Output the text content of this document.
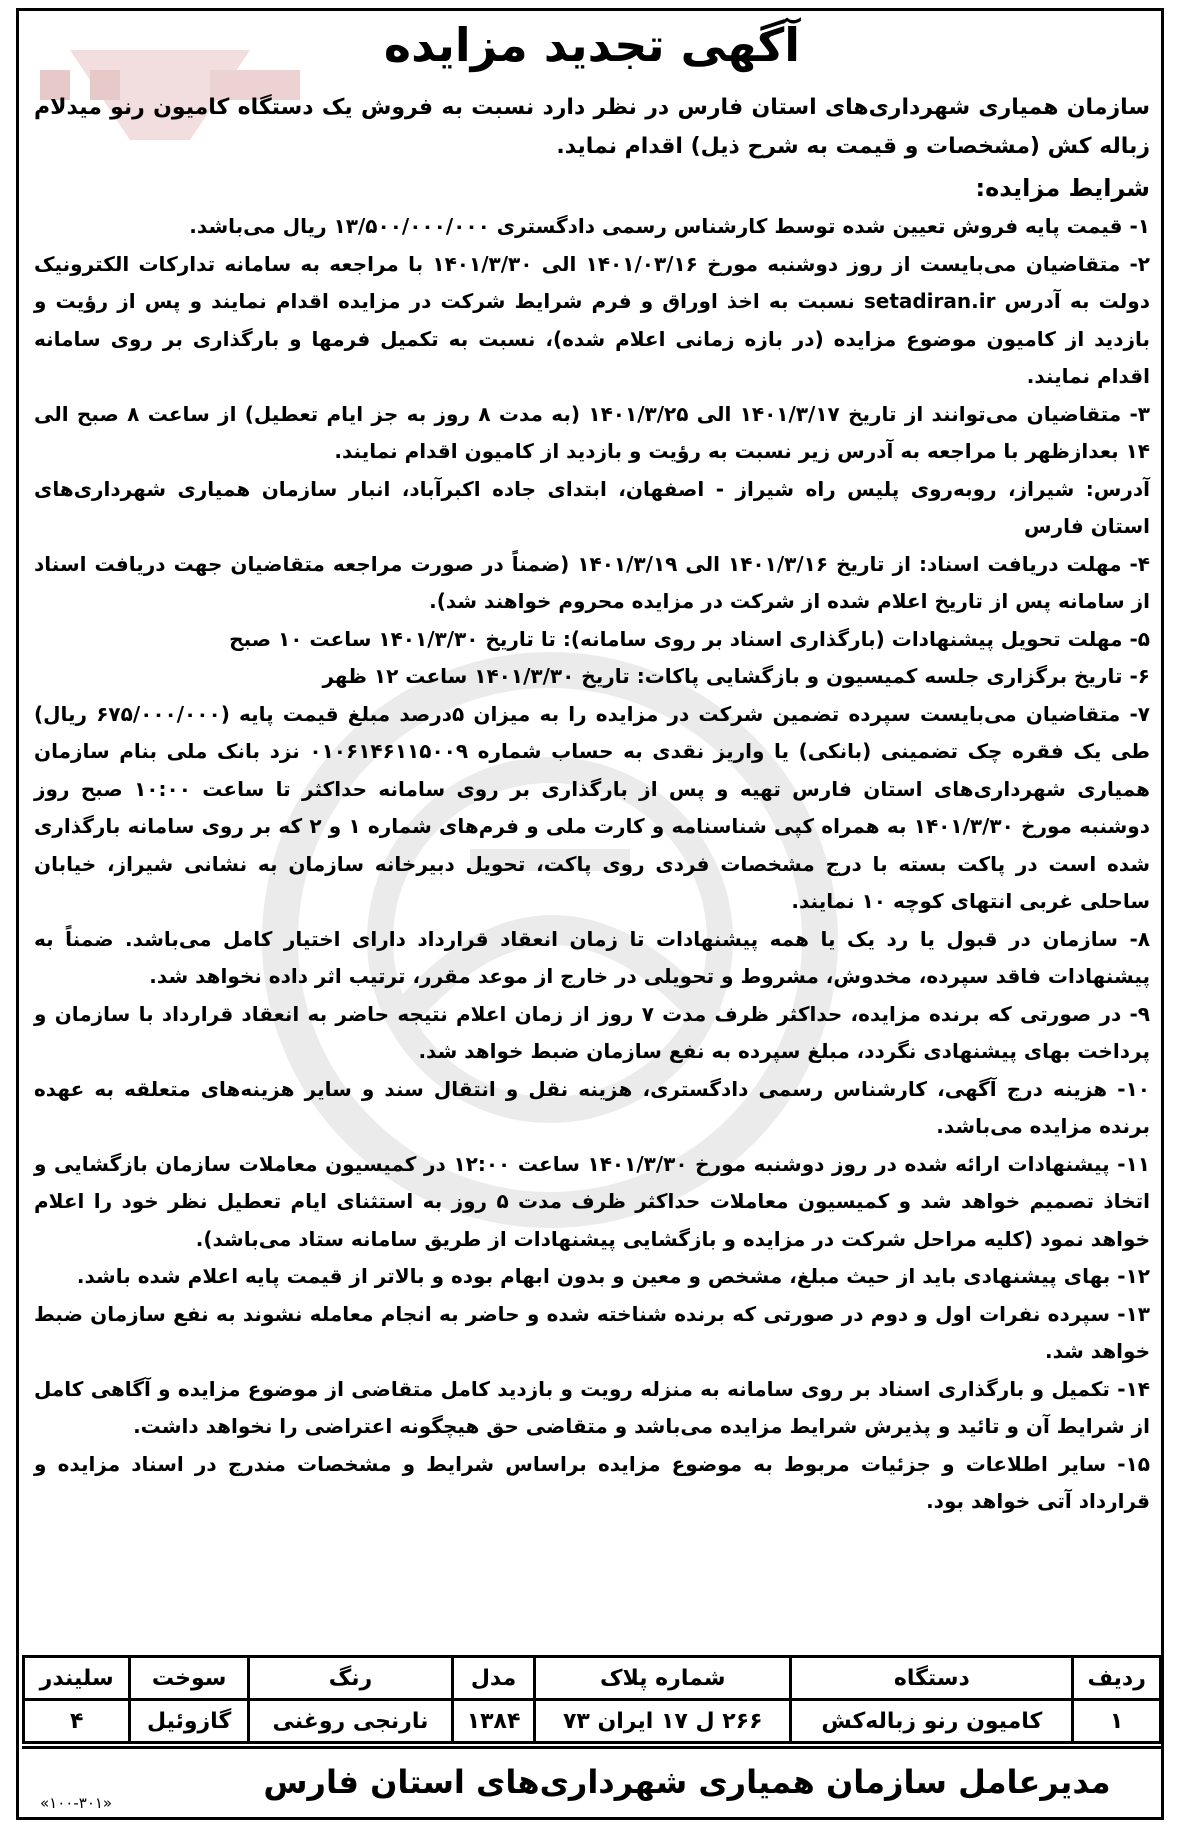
آگهی تجدید مزایده
سازمان همیاری شهرداری‌های استان فارس در نظر دارد نسبت به فروش یک دستگاه کامیون رنو میدلام زباله کش (مشخصات و قیمت به شرح ذیل) اقدام نماید.
شرایط مزایده:
۱- قیمت پایه فروش تعیین شده توسط کارشناس رسمی دادگستری ۱۳/۵۰۰/۰۰۰/۰۰۰ ریال می‌باشد.
۲- متقاضیان می‌بایست از روز دوشنبه مورخ ۱۴۰۱/۰۳/۱۶ الی ۱۴۰۱/۳/۳۰ با مراجعه به سامانه تدارکات الکترونیک دولت به آدرس setadiran.ir نسبت به اخذ اوراق و فرم شرایط شرکت در مزایده اقدام نمایند و پس از رؤیت و بازدید از کامیون موضوع مزایده (در بازه زمانی اعلام شده)، نسبت به تکمیل فرمها و بارگذاری بر روی سامانه اقدام نمایند.
۳- متقاضیان می‌توانند از تاریخ ۱۴۰۱/۳/۱۷ الی ۱۴۰۱/۳/۲۵ (به مدت ۸ روز به جز ایام تعطیل) از ساعت ۸ صبح الی ۱۴ بعدازظهر با مراجعه به آدرس زیر نسبت به رؤیت و بازدید از کامیون اقدام نمایند.
آدرس: شیراز، روبه‌روی پلیس راه شیراز - اصفهان، ابتدای جاده اکبرآباد، انبار سازمان همیاری شهرداری‌های استان فارس
۴- مهلت دریافت اسناد: از تاریخ ۱۴۰۱/۳/۱۶ الی ۱۴۰۱/۳/۱۹ (ضمناً در صورت مراجعه متقاضیان جهت دریافت اسناد از سامانه پس از تاریخ اعلام شده از شرکت در مزایده محروم خواهند شد).
۵- مهلت تحویل پیشنهادات (بارگذاری اسناد بر روی سامانه): تا تاریخ ۱۴۰۱/۳/۳۰ ساعت ۱۰ صبح
۶- تاریخ برگزاری جلسه کمیسیون و بازگشایی پاکات: تاریخ ۱۴۰۱/۳/۳۰ ساعت ۱۲ ظهر
۷- متقاضیان می‌بایست سپرده تضمین شرکت در مزایده را به میزان ۵درصد مبلغ قیمت پایه (۶۷۵/۰۰۰/۰۰۰ ریال) طی یک فقره چک تضمینی (بانکی) یا واریز نقدی به حساب شماره ۰۱۰۶۱۴۶۱۱۵۰۰۹ نزد بانک ملی بنام سازمان همیاری شهرداری‌های استان فارس تهیه و پس از بارگذاری بر روی سامانه حداکثر تا ساعت ۱۰:۰۰ صبح روز دوشنبه مورخ ۱۴۰۱/۳/۳۰ به همراه کپی شناسنامه و کارت ملی و فرم‌های شماره ۱ و ۲ که بر روی سامانه بارگذاری شده است در پاکت بسته با درج مشخصات فردی روی پاکت، تحویل دبیرخانه سازمان به نشانی شیراز، خیابان ساحلی غربی انتهای کوچه ۱۰ نمایند.
۸- سازمان در قبول یا رد یک یا همه پیشنهادات تا زمان انعقاد قرارداد دارای اختیار کامل می‌باشد. ضمناً به پیشنهادات فاقد سپرده، مخدوش، مشروط و تحویلی در خارج از موعد مقرر، ترتیب اثر داده نخواهد شد.
۹- در صورتی که برنده مزایده، حداکثر ظرف مدت ۷ روز از زمان اعلام نتیجه حاضر به انعقاد قرارداد با سازمان و پرداخت بهای پیشنهادی نگردد، مبلغ سپرده به نفع سازمان ضبط خواهد شد.
۱۰- هزینه درج آگهی، کارشناس رسمی دادگستری، هزینه نقل و انتقال سند و سایر هزینه‌های متعلقه به عهده برنده مزایده می‌باشد.
۱۱- پیشنهادات ارائه شده در روز دوشنبه مورخ ۱۴۰۱/۳/۳۰ ساعت ۱۲:۰۰ در کمیسیون معاملات سازمان بازگشایی و اتخاذ تصمیم خواهد شد و کمیسیون معاملات حداکثر ظرف مدت ۵ روز به استثنای ایام تعطیل نظر خود را اعلام خواهد نمود (کلیه مراحل شرکت در مزایده و بازگشایی پیشنهادات از طریق سامانه ستاد می‌باشد).
۱۲- بهای پیشنهادی باید از حیث مبلغ، مشخص و معین و بدون ابهام بوده و بالاتر از قیمت پایه اعلام شده باشد.
۱۳- سپرده نفرات اول و دوم در صورتی که برنده شناخته شده و حاضر به انجام معامله نشوند به نفع سازمان ضبط خواهد شد.
۱۴- تکمیل و بارگذاری اسناد بر روی سامانه به منزله رویت و بازدید کامل متقاضی از موضوع مزایده و آگاهی کامل از شرایط آن و تائید و پذیرش شرایط مزایده می‌باشد و متقاضی حق هیچگونه اعتراضی را نخواهد داشت.
۱۵- سایر اطلاعات و جزئیات مربوط به موضوع مزایده براساس شرایط و مشخصات مندرج در اسناد مزایده و قرارداد آتی خواهد بود.
ردیف	دستگاه	شماره پلاک	مدل	رنگ	سوخت	سلیندر
۱	کامیون رنو زباله‌کش	۲۶۶ ل ۱۷ ایران ۷۳	۱۳۸۴	نارنجی روغنی	گازوئیل	۴
مدیرعامل سازمان همیاری شهرداری‌های استان فارس
«۱۰۰-۳۰۱»
